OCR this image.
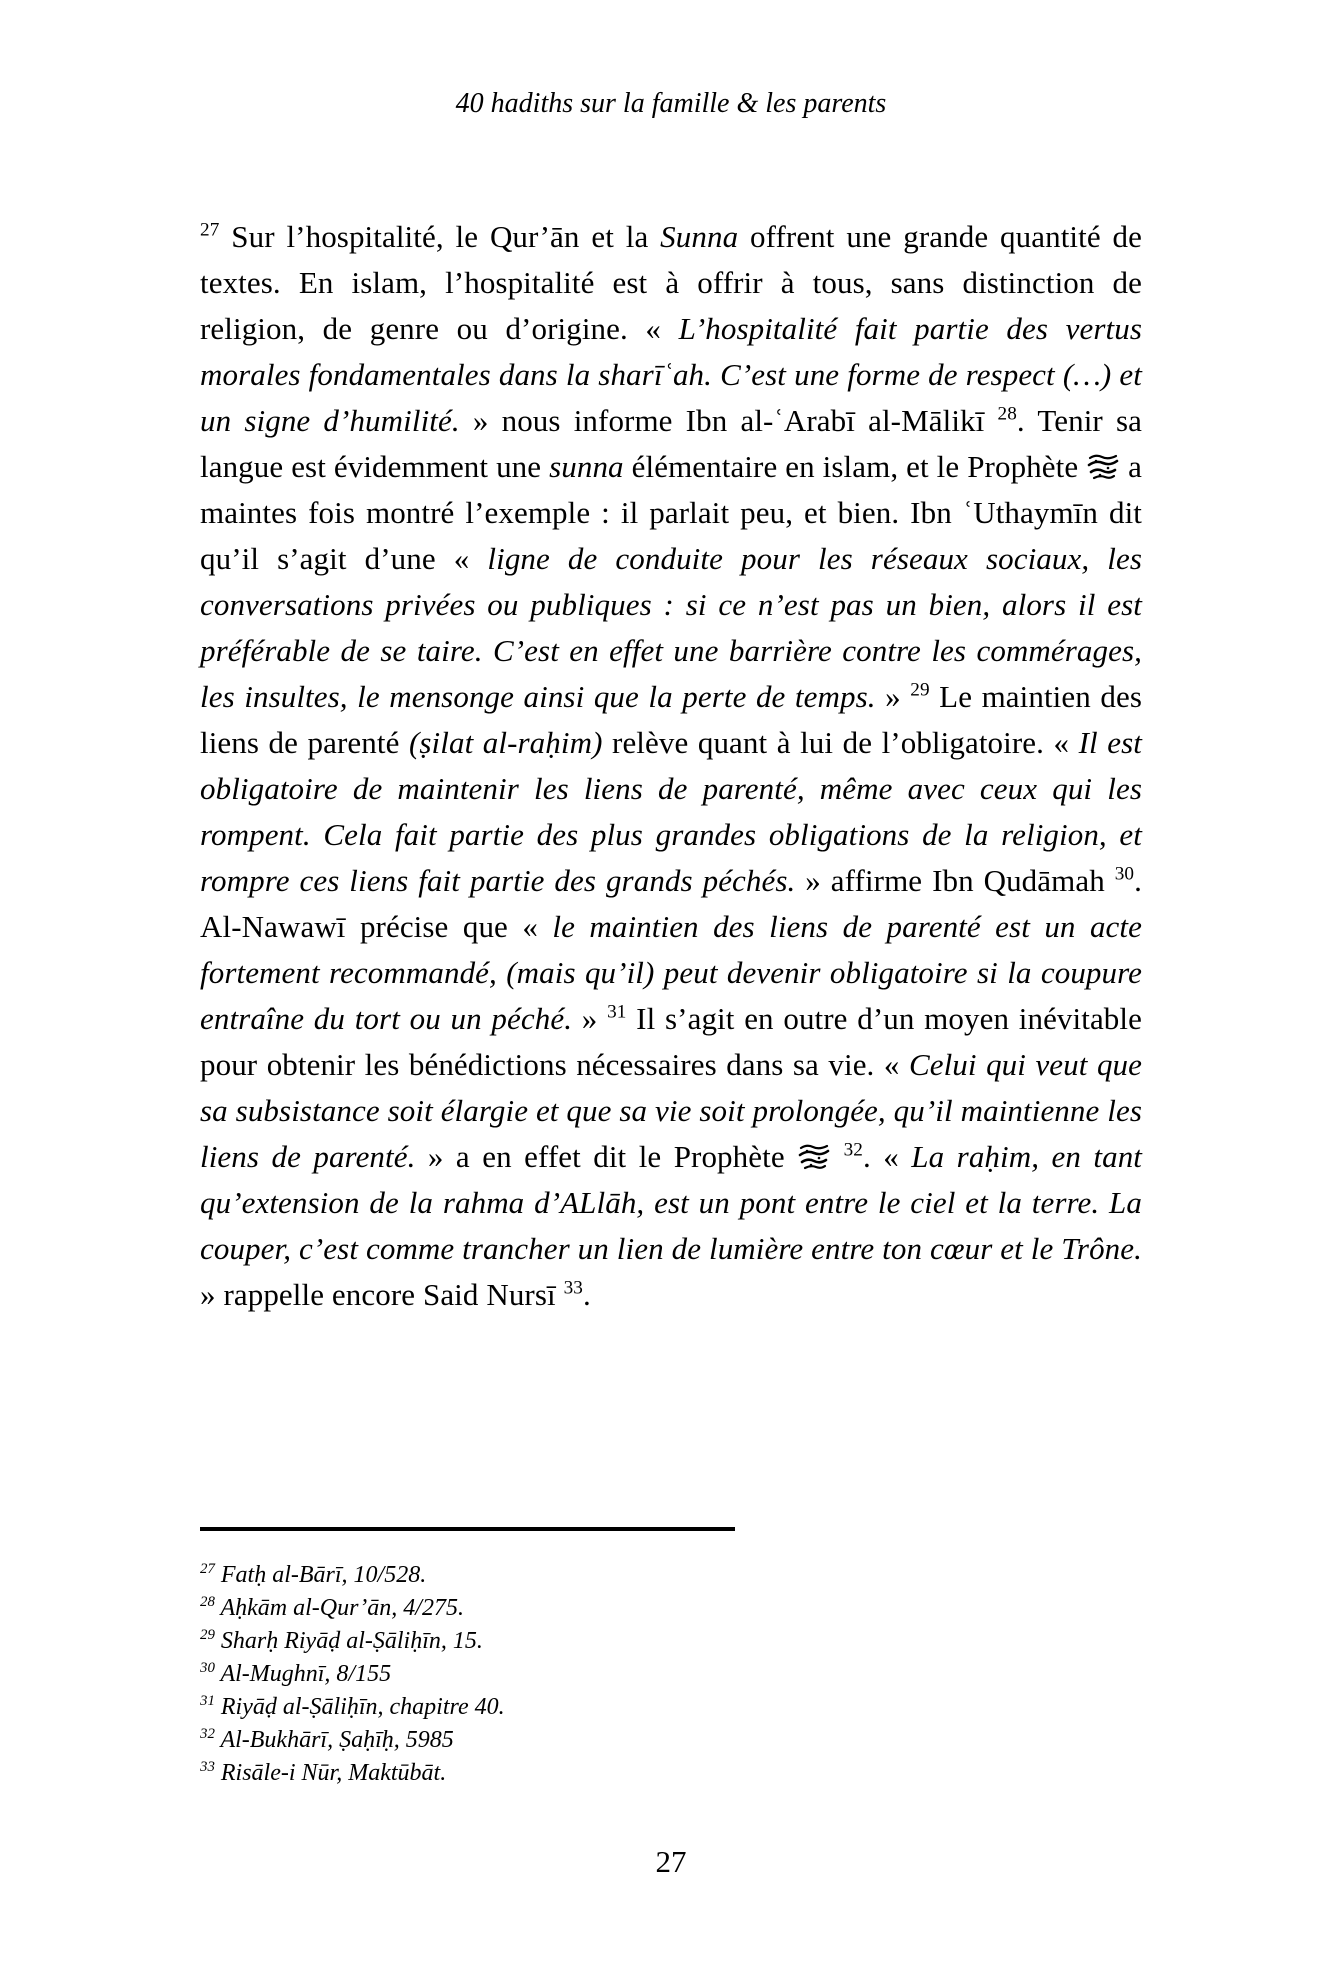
40 hadiths sur la famille & les parents
$^{27}$ Sur l’hospitalité, le Qur’ān et la Sunna offrent une grande quantité de textes. En islam, l’hospitalité est à offrir à tous, sans distinction de religion, de genre ou d’origine. « L’hospitalité fait partie des vertus morales fondamentales dans la sharīʿah. C’est une forme de respect (…) et un signe d’humilité. » nous informe Ibn al-ʿArabī al-Mālikī $^{28}$. Tenir sa langue est évidemment une sunna élémentaire en islam, et le Prophète  a maintes fois montré l’exemple : il parlait peu, et bien. Ibn ʿUthaymīn dit qu’il s’agit d’une « ligne de conduite pour les réseaux sociaux, les conversations privées ou publiques : si ce n’est pas un bien, alors il est préférable de se taire. C’est en effet une barrière contre les commérages, les insultes, le mensonge ainsi que la perte de temps. » $^{29}$ Le maintien des liens de parenté (ṣilat al-raḥim) relève quant à lui de l’obligatoire. « Il est obligatoire de maintenir les liens de parenté, même avec ceux qui les rompent. Cela fait partie des plus grandes obligations de la religion, et rompre ces liens fait partie des grands péchés. » affirme Ibn Qudāmah $^{30}$. Al-Nawawī précise que « le maintien des liens de parenté est un acte fortement recommandé, (mais qu’il) peut devenir obligatoire si la coupure entraîne du tort ou un péché. » $^{31}$ Il s’agit en outre d’un moyen inévitable pour obtenir les bénédictions nécessaires dans sa vie. « Celui qui veut que sa subsistance soit élargie et que sa vie soit prolongée, qu’il maintienne les liens de parenté. » a en effet dit le Prophète  $^{32}$. « La raḥim, en tant qu’extension de la rahma d’ALlāh, est un pont entre le ciel et la terre. La couper, c’est comme trancher un lien de lumière entre ton cœur et le Trône. » rappelle encore Said Nursī $^{33}$.
$^{27}$ Fatḥ al-Bārī, 10/528.
$^{28}$ Aḥkām al-Qur’ān, 4/275.
$^{29}$ Sharḥ Riyāḍ al-Ṣāliḥīn, 15.
$^{30}$ Al-Mughnī, 8/155
$^{31}$ Riyāḍ al-Ṣāliḥīn, chapitre 40.
$^{32}$ Al-Bukhārī, Ṣaḥīḥ, 5985
$^{33}$ Risāle-i Nūr, Maktūbāt.
27
